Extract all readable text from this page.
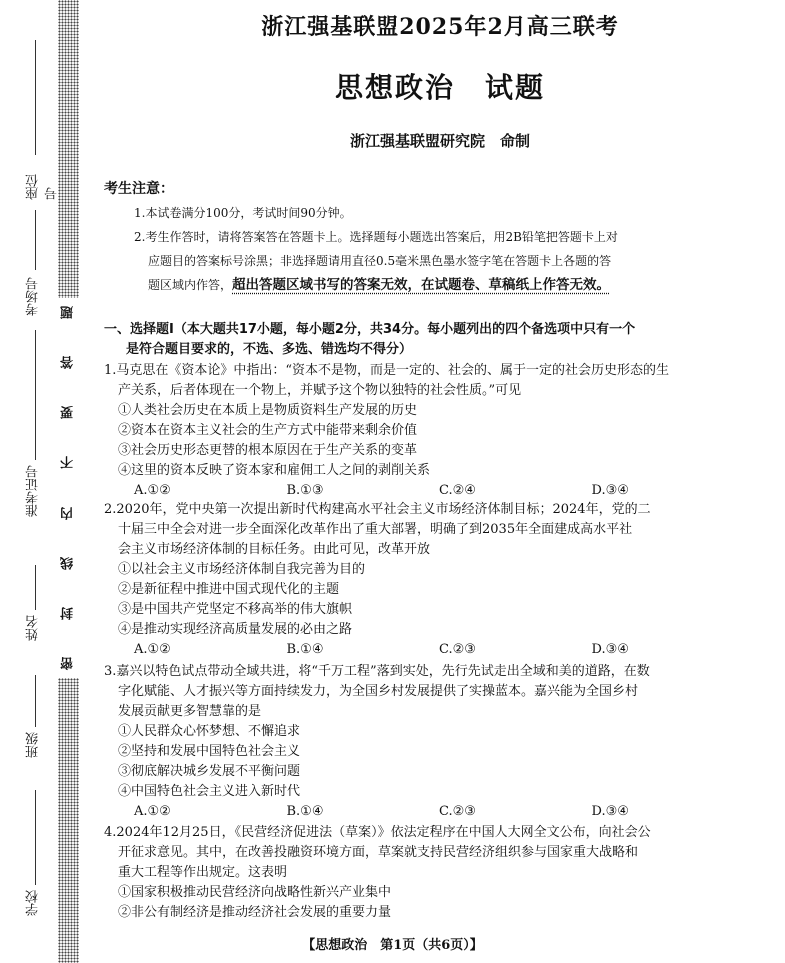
题
答
要
不
内
线
封
密
座位号
考场号
准考证号
姓名
班级
学校
浙江强基联盟2025年2月高三联考
思想政治　试题
浙江强基联盟研究院　命制
考生注意：
1.本试卷满分100分，考试时间90分钟。
2.考生作答时，请将答案答在答题卡上。选择题每小题选出答案后，用2B铅笔把答题卡上对
应题目的答案标号涂黑；非选择题请用直径0.5毫米黑色墨水签字笔在答题卡上各题的答
题区域内作答，超出答题区域书写的答案无效，在试题卷、草稿纸上作答无效。
一、选择题Ⅰ（本大题共17小题，每小题2分，共34分。每小题列出的四个备选项中只有一个
是符合题目要求的，不选、多选、错选均不得分）
1.马克思在《资本论》中指出：“资本不是物，而是一定的、社会的、属于一定的社会历史形态的生
产关系，后者体现在一个物上，并赋予这个物以独特的社会性质。”可见
①人类社会历史在本质上是物质资料生产发展的历史
②资本在资本主义社会的生产方式中能带来剩余价值
③社会历史形态更替的根本原因在于生产关系的变革
④这里的资本反映了资本家和雇佣工人之间的剥削关系
A.①②	B.①③	C.②④	D.③④
2.2020年，党中央第一次提出新时代构建高水平社会主义市场经济体制目标；2024年，党的二
十届三中全会对进一步全面深化改革作出了重大部署，明确了到2035年全面建成高水平社
会主义市场经济体制的目标任务。由此可见，改革开放
①以社会主义市场经济体制自我完善为目的
②是新征程中推进中国式现代化的主题
③是中国共产党坚定不移高举的伟大旗帜
④是推动实现经济高质量发展的必由之路
A.①②	B.①④	C.②③	D.③④
3.嘉兴以特色试点带动全域共进，将“千万工程”落到实处，先行先试走出全域和美的道路，在数
字化赋能、人才振兴等方面持续发力，为全国乡村发展提供了实操蓝本。嘉兴能为全国乡村
发展贡献更多智慧靠的是
①人民群众心怀梦想、不懈追求
②坚持和发展中国特色社会主义
③彻底解决城乡发展不平衡问题
④中国特色社会主义进入新时代
A.①②	B.①④	C.②③	D.③④
4.2024年12月25日，《民营经济促进法（草案）》依法定程序在中国人大网全文公布，向社会公
开征求意见。其中，在改善投融资环境方面，草案就支持民营经济组织参与国家重大战略和
重大工程等作出规定。这表明
①国家积极推动民营经济向战略性新兴产业集中
②非公有制经济是推动经济社会发展的重要力量
【思想政治　第1页（共6页）】
